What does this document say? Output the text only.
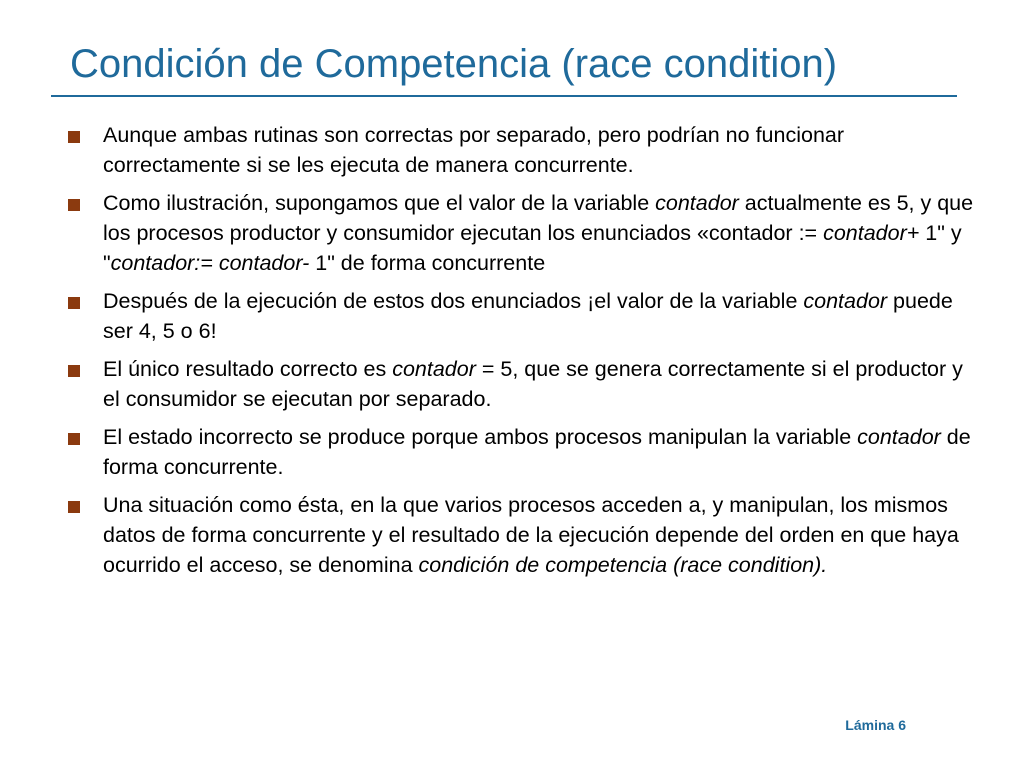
Condición de Competencia (race condition)
Aunque ambas rutinas son correctas por separado, pero podrían no funcionar correctamente si se les ejecuta de manera concurrente.
Como ilustración, supongamos que el valor de la variable contador actualmente es 5, y que los procesos productor y consumidor ejecutan los enunciados «contador := contador+ 1" y "contador:= contador- 1" de forma concurrente
Después de la ejecución de estos dos enunciados ¡el valor de la variable contador puede ser 4, 5 o 6!
El único resultado correcto es contador = 5, que se genera correctamente si el productor y el consumidor se ejecutan por separado.
El estado incorrecto se produce porque ambos procesos manipulan la variable contador de forma concurrente.
Una situación como ésta, en la que varios procesos acceden a, y manipulan, los mismos datos de forma concurrente y el resultado de la ejecución depende del orden en que haya ocurrido el acceso, se denomina condición de competencia (race condition).
Lámina 6
